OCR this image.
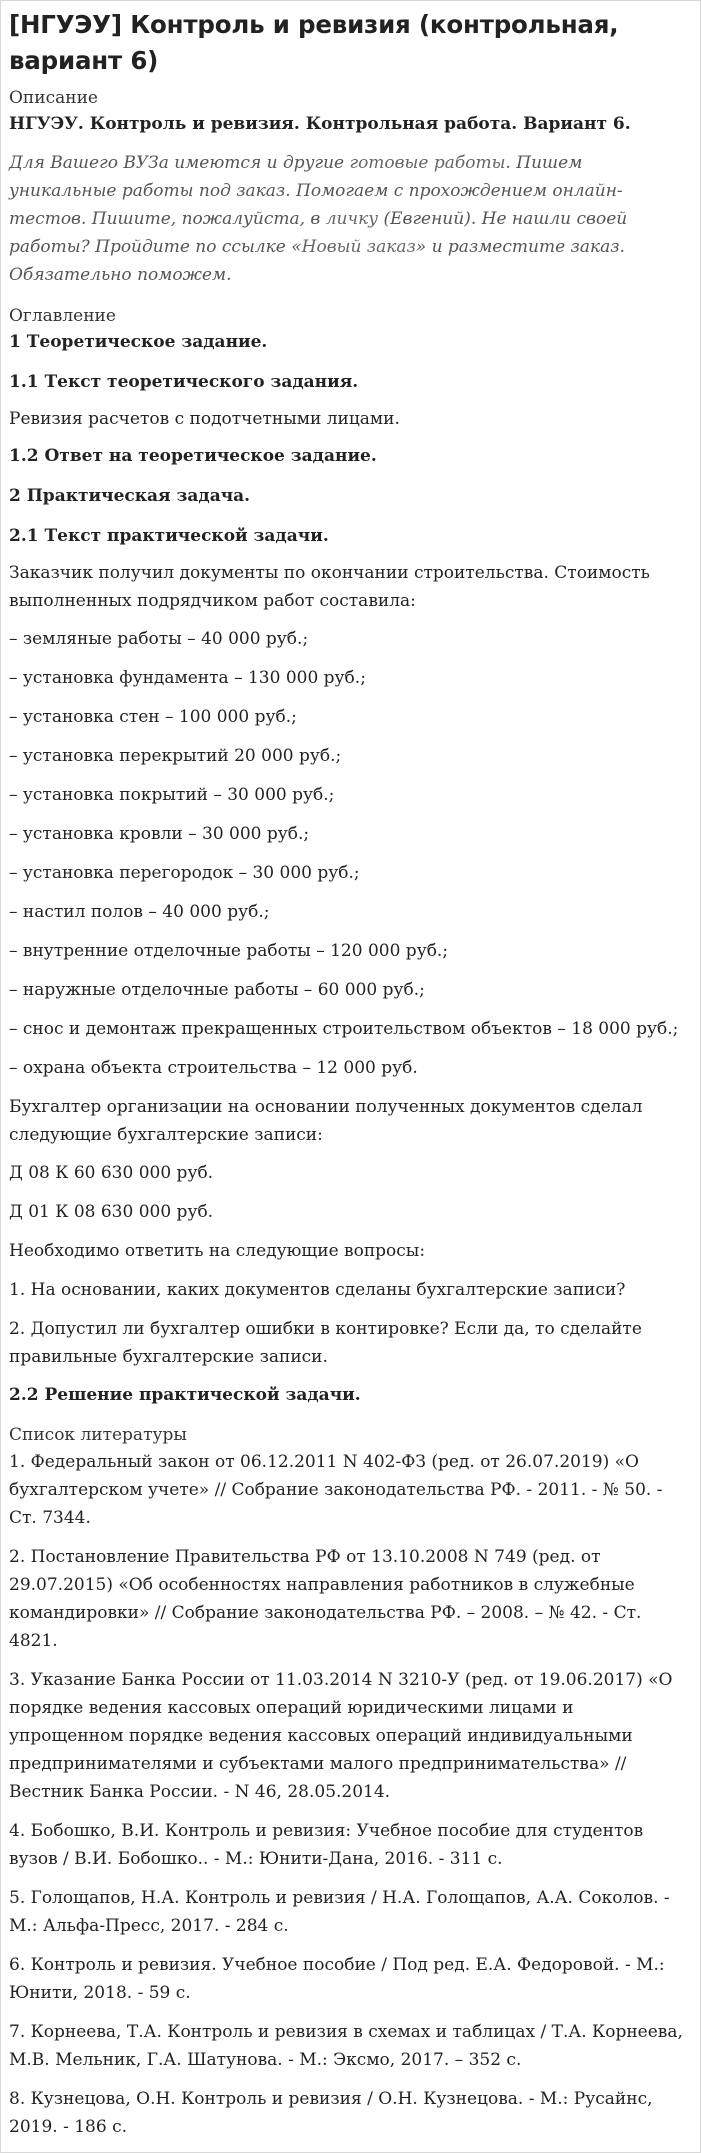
[НГУЭУ] Контроль и ревизия (контрольная, вариант 6)
Описание
НГУЭУ. Контроль и ревизия. Контрольная работа. Вариант 6.

Для Вашего ВУЗа имеются и другие готовые работы. Пишем уникальные работы под заказ. Помогаем с прохождением онлайн-тестов. Пишите, пожалуйста, в личку (Евгений). Не нашли своей работы? Пройдите по ссылке «Новый заказ» и разместите заказ. Обязательно поможем.

Оглавление
1 Теоретическое задание.
1.1 Текст теоретического задания.

Ревизия расчетов с подотчетными лицами.

1.2 Ответ на теоретическое задание.
2 Практическая задача.
2.1 Текст практической задачи.

Заказчик получил документы по окончании строительства. Стоимость выполненных подрядчиком работ составила:

– земляные работы – 40 000 руб.;

– установка фундамента – 130 000 руб.;

– установка стен – 100 000 руб.;

– установка перекрытий 20 000 руб.;

– установка покрытий – 30 000 руб.;

– установка кровли – 30 000 руб.;

– установка перегородок – 30 000 руб.;

– настил полов – 40 000 руб.;

– внутренние отделочные работы – 120 000 руб.;

– наружные отделочные работы – 60 000 руб.;

– снос и демонтаж прекращенных строительством объектов – 18 000 руб.;

– охрана объекта строительства – 12 000 руб.

Бухгалтер организации на основании полученных документов сделал следующие бухгалтерские записи:

Д 08 К 60 630 000 руб.

Д 01 К 08 630 000 руб.

Необходимо ответить на следующие вопросы:

1. На основании, каких документов сделаны бухгалтерские записи?

2. Допустил ли бухгалтер ошибки в контировке? Если да, то сделайте правильные бухгалтерские записи.

2.2 Решение практической задачи.
Список литературы

1. Федеральный закон от 06.12.2011 N 402-ФЗ (ред. от 26.07.2019) «О бухгалтерском учете» // Собрание законодательства РФ. - 2011. - № 50. - Ст. 7344.

2. Постановление Правительства РФ от 13.10.2008 N 749 (ред. от 29.07.2015) «Об особенностях направления работников в служебные командировки» // Собрание законодательства РФ. – 2008. – № 42. - Ст. 4821.

3. Указание Банка России от 11.03.2014 N 3210-У (ред. от 19.06.2017) «О порядке ведения кассовых операций юридическими лицами и упрощенном порядке ведения кассовых операций индивидуальными предпринимателями и субъектами малого предпринимательства» // Вестник Банка России. - N 46, 28.05.2014.

4. Бобошко, В.И. Контроль и ревизия: Учебное пособие для студентов вузов / В.И. Бобошко.. - М.: Юнити-Дана, 2016. - 311 c.

5. Голощапов, Н.А. Контроль и ревизия / Н.А. Голощапов, А.А. Соколов. - М.: Альфа-Пресс, 2017. - 284 c.

6. Контроль и ревизия. Учебное пособие / Под ред. Е.А. Федоровой. - М.: Юнити, 2018. - 59 c.

7. Корнеева, Т.А. Контроль и ревизия в схемах и таблицах / Т.А. Корнеева, М.В. Мельник, Г.А. Шатунова. - М.: Эксмо, 2017. – 352 c.

8. Кузнецова, О.Н. Контроль и ревизия / О.Н. Кузнецова. - М.: Русайнс, 2019. - 186 c.
